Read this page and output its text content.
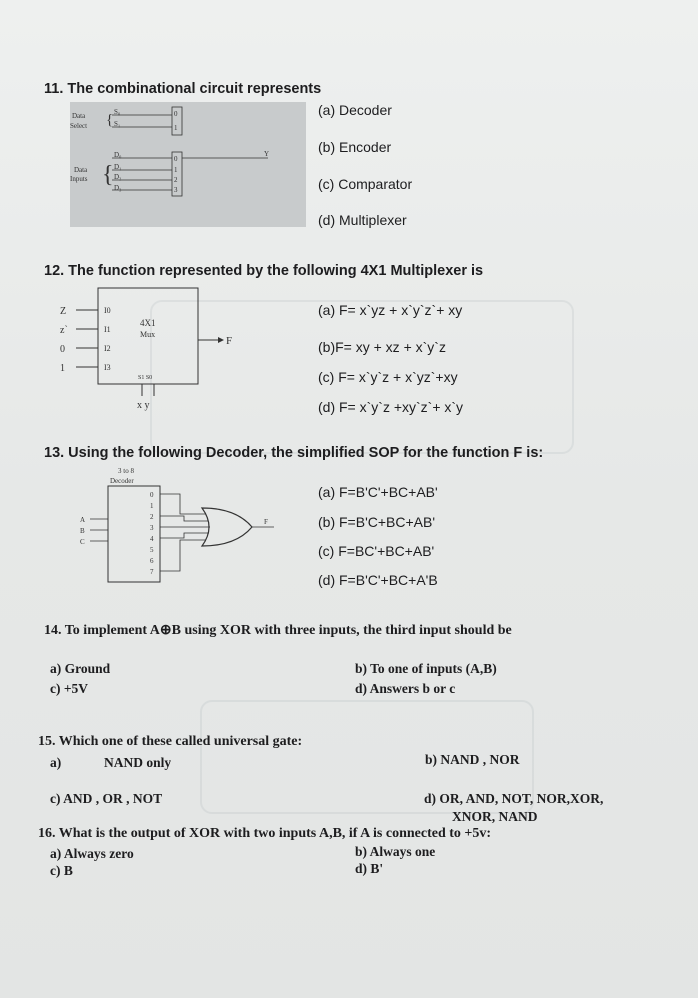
11. The combinational circuit represents
Data
Select { S₀
S₁
0
1
Data
Inputs {
D₀
D₁
D₂
D₃
0
1
2
3
Y
(a) Decoder
(b) Encoder
(c) Comparator
(d) Multiplexer
12. The function represented by the following 4X1 Multiplexer is
Z
z`
0
1
I0
I1
I2
I3
4X1
Mux
S1 S0
x y
F
(a) F= x`yz + x`y`z`+ xy
(b)F= xy + xz + x`y`z
(c) F= x`y`z + x`yz`+xy
(d) F= x`y`z +xy`z`+ x`y
13. Using the following Decoder, the simplified SOP for the function F is:
3 to 8
Decoder
A
B
C
0
1
2
3
4
5
6
7
F
(a) F=B'C'+BC+AB'
(b) F=B'C+BC+AB'
(c) F=BC'+BC+AB'
(d) F=B'C'+BC+A'B
14. To implement A⊕B using XOR with three inputs, the third input should be
a) Ground	b) To one of inputs (A,B)
c) +5V	d) Answers b or c
15. Which one of these called universal gate:
a)	NAND only	b) NAND , NOR
c) AND , OR , NOT	d) OR, AND, NOT, NOR,XOR,
XNOR, NAND
16. What is the output of XOR with two inputs A,B, if A is connected to +5v:
a) Always zero	b) Always one
c) B	d) B'
